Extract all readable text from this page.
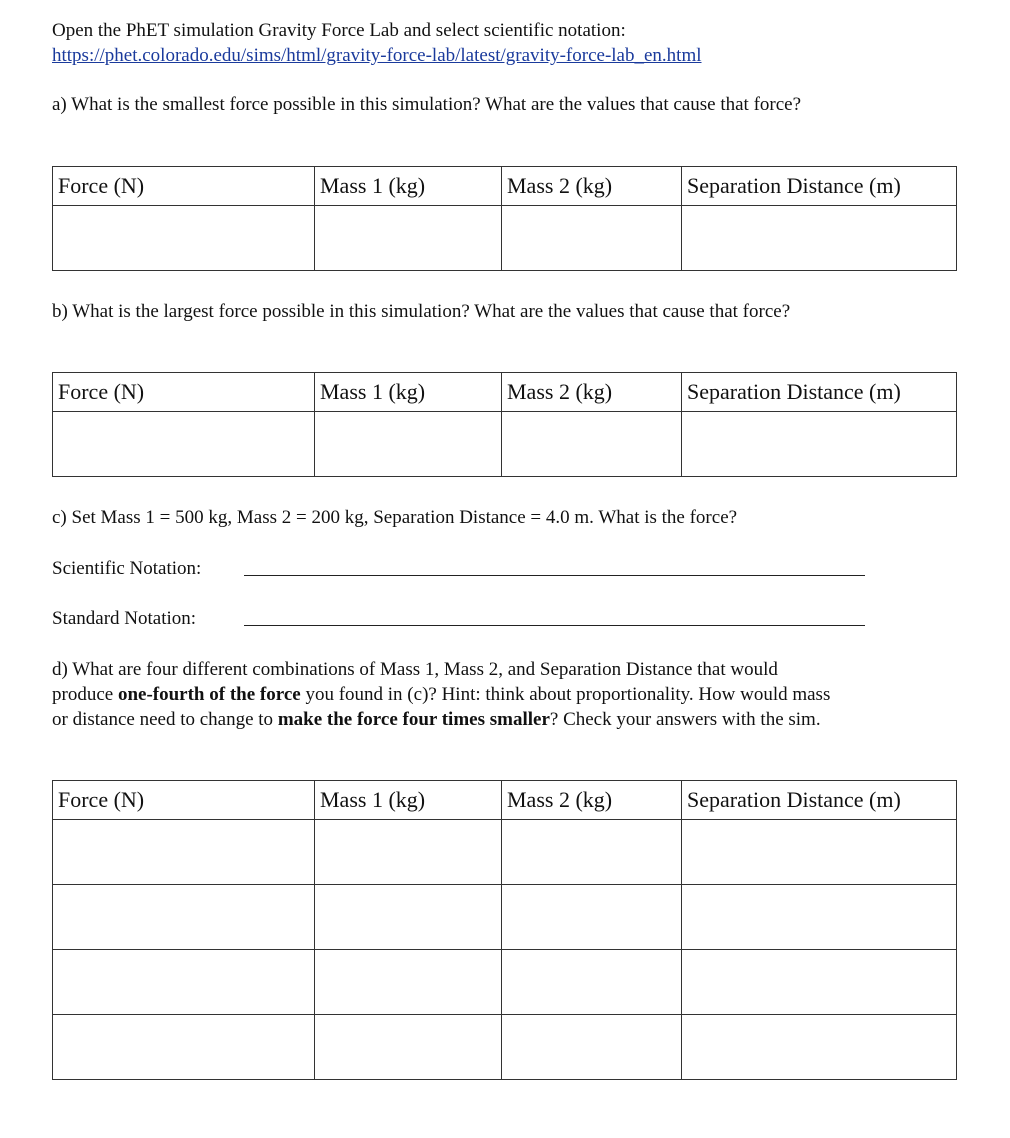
Open the PhET simulation Gravity Force Lab and select scientific notation:
https://phet.colorado.edu/sims/html/gravity-force-lab/latest/gravity-force-lab_en.html
a) What is the smallest force possible in this simulation? What are the values that cause that force?
Force (N)	Mass 1 (kg)	Mass 2 (kg)	Separation Distance (m)

b) What is the largest force possible in this simulation? What are the values that cause that force?
Force (N)	Mass 1 (kg)	Mass 2 (kg)	Separation Distance (m)

c) Set Mass 1 = 500 kg, Mass 2 = 200 kg, Separation Distance = 4.0 m. What is the force?
Scientific Notation:
Standard Notation:
d) What are four different combinations of Mass 1, Mass 2, and Separation Distance that would
produce one-fourth of the force you found in (c)? Hint: think about proportionality. How would mass
or distance need to change to make the force four times smaller? Check your answers with the sim.
Force (N)	Mass 1 (kg)	Mass 2 (kg)	Separation Distance (m)
